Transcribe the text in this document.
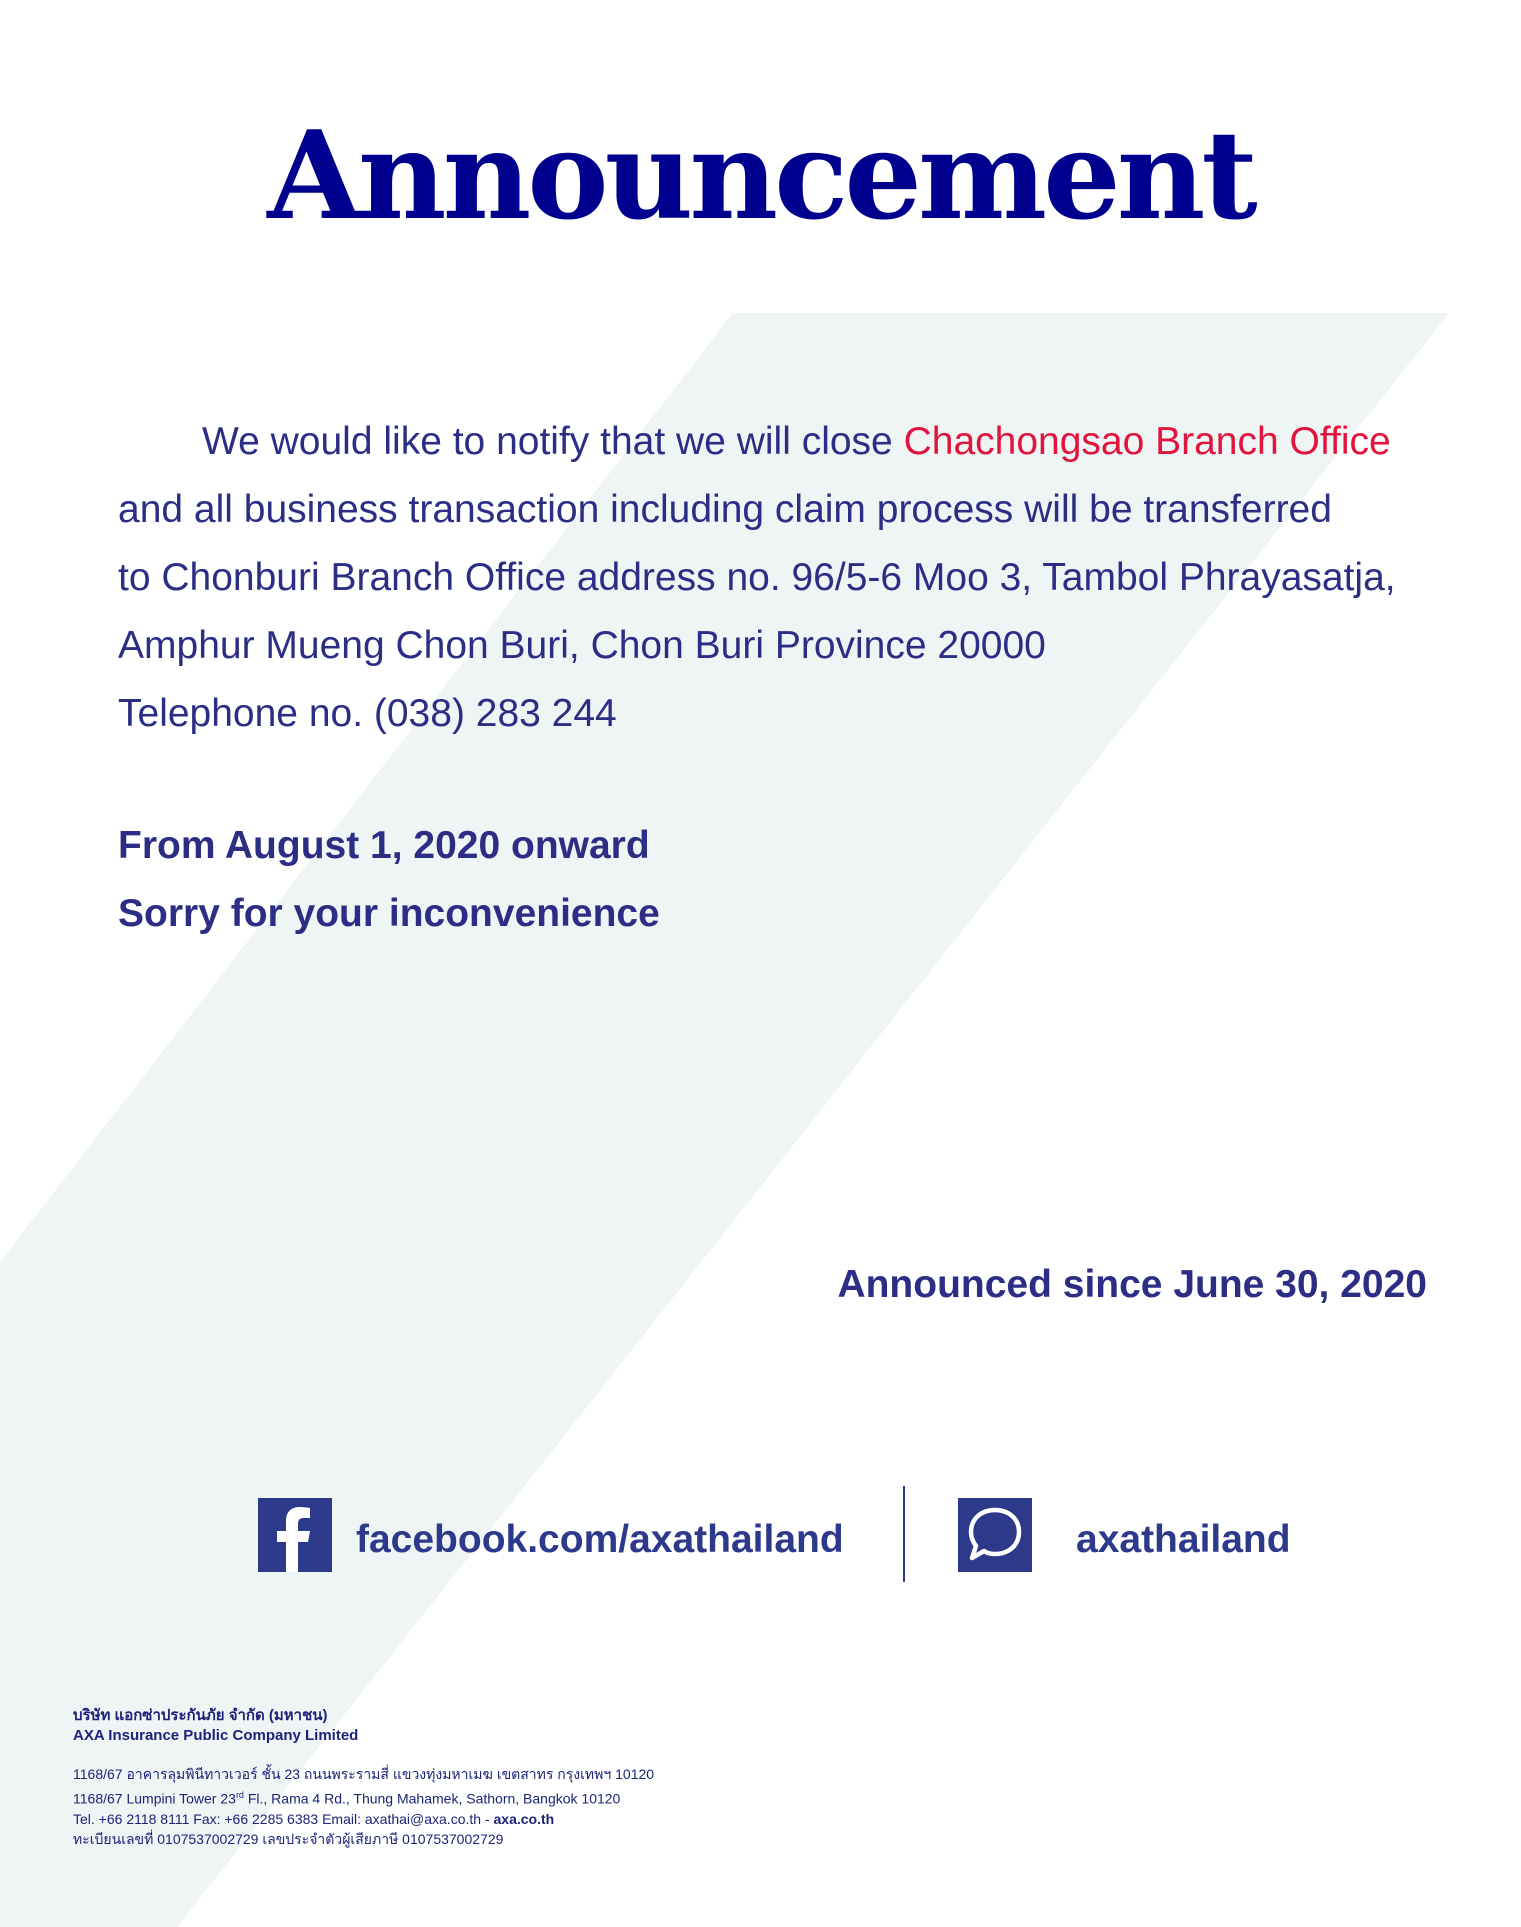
Announcement
We would like to notify that we will close Chachongsao Branch Office
and all business transaction including claim process will be transferred
to Chonburi Branch Office address no. 96/5-6 Moo 3, Tambol Phrayasatja,
Amphur Mueng Chon Buri, Chon Buri Province 20000
Telephone no. (038) 283 244
From August 1, 2020 onward
Sorry for your inconvenience
Announced since June 30, 2020
facebook.com/axathailand	axathailand
บริษัท แอกซ่าประกันภัย จำกัด (มหาชน)
AXA Insurance Public Company Limited
1168/67 อาคารลุมพินีทาวเวอร์ ชั้น 23 ถนนพระรามสี่ แขวงทุ่งมหาเมฆ เขตสาทร กรุงเทพฯ 10120
1168/67 Lumpini Tower 23rd Fl., Rama 4 Rd., Thung Mahamek, Sathorn, Bangkok 10120
Tel. +66 2118 8111 Fax: +66 2285 6383 Email: axathai@axa.co.th - axa.co.th
ทะเบียนเลขที่ 0107537002729 เลขประจำตัวผู้เสียภาษี 0107537002729
